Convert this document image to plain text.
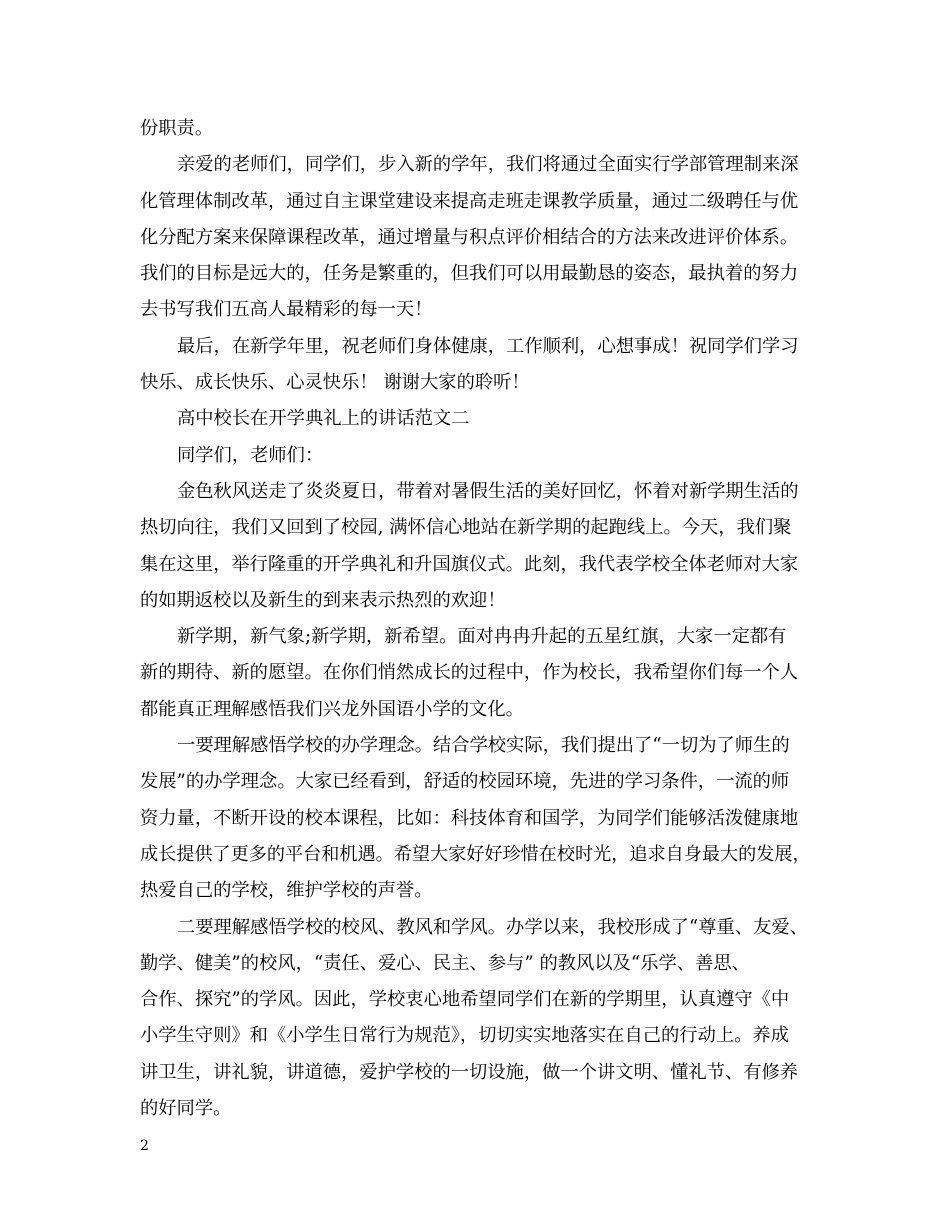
份职责。
亲爱的老师们，同学们，步入新的学年，我们将通过全面实行学部管理制来深
化管理体制改革，通过自主课堂建设来提高走班走课教学质量，通过二级聘任与优
化分配方案来保障课程改革，通过增量与积点评价相结合的方法来改进评价体系。
我们的目标是远大的，任务是繁重的，但我们可以用最勤恳的姿态，最执着的努力
去书写我们五高人最精彩的每一天！
最后，在新学年里，祝老师们身体健康，工作顺利，心想事成！祝同学们学习
快乐、成长快乐、心灵快乐！ 谢谢大家的聆听！
高中校长在开学典礼上的讲话范文二
同学们，老师们：
金色秋风送走了炎炎夏日，带着对暑假生活的美好回忆，怀着对新学期生活的
热切向往，我们又回到了校园, 满怀信心地站在新学期的起跑线上。今天，我们聚
集在这里，举行隆重的开学典礼和升国旗仪式。此刻，我代表学校全体老师对大家
的如期返校以及新生的到来表示热烈的欢迎！
新学期，新气象;新学期，新希望。面对冉冉升起的五星红旗，大家一定都有
新的期待、新的愿望。在你们悄然成长的过程中，作为校长，我希望你们每一个人
都能真正理解感悟我们兴龙外国语小学的文化。
一要理解感悟学校的办学理念。结合学校实际，我们提出了“一切为了师生的
发展”的办学理念。大家已经看到，舒适的校园环境，先进的学习条件，一流的师
资力量，不断开设的校本课程，比如：科技体育和国学，为同学们能够活泼健康地
成长提供了更多的平台和机遇。希望大家好好珍惜在校时光，追求自身最大的发展，
热爱自己的学校，维护学校的声誉。
二要理解感悟学校的校风、教风和学风。办学以来，我校形成了“尊重、友爱、
勤学、健美”的校风，“责任、爱心、民主、参与” 的教风以及“乐学、善思、
合作、探究”的学风。因此，学校衷心地希望同学们在新的学期里，认真遵守《中
小学生守则》和《小学生日常行为规范》，切切实实地落实在自己的行动上。养成
讲卫生，讲礼貌，讲道德，爱护学校的一切设施，做一个讲文明、懂礼节、有修养
的好同学。
2
